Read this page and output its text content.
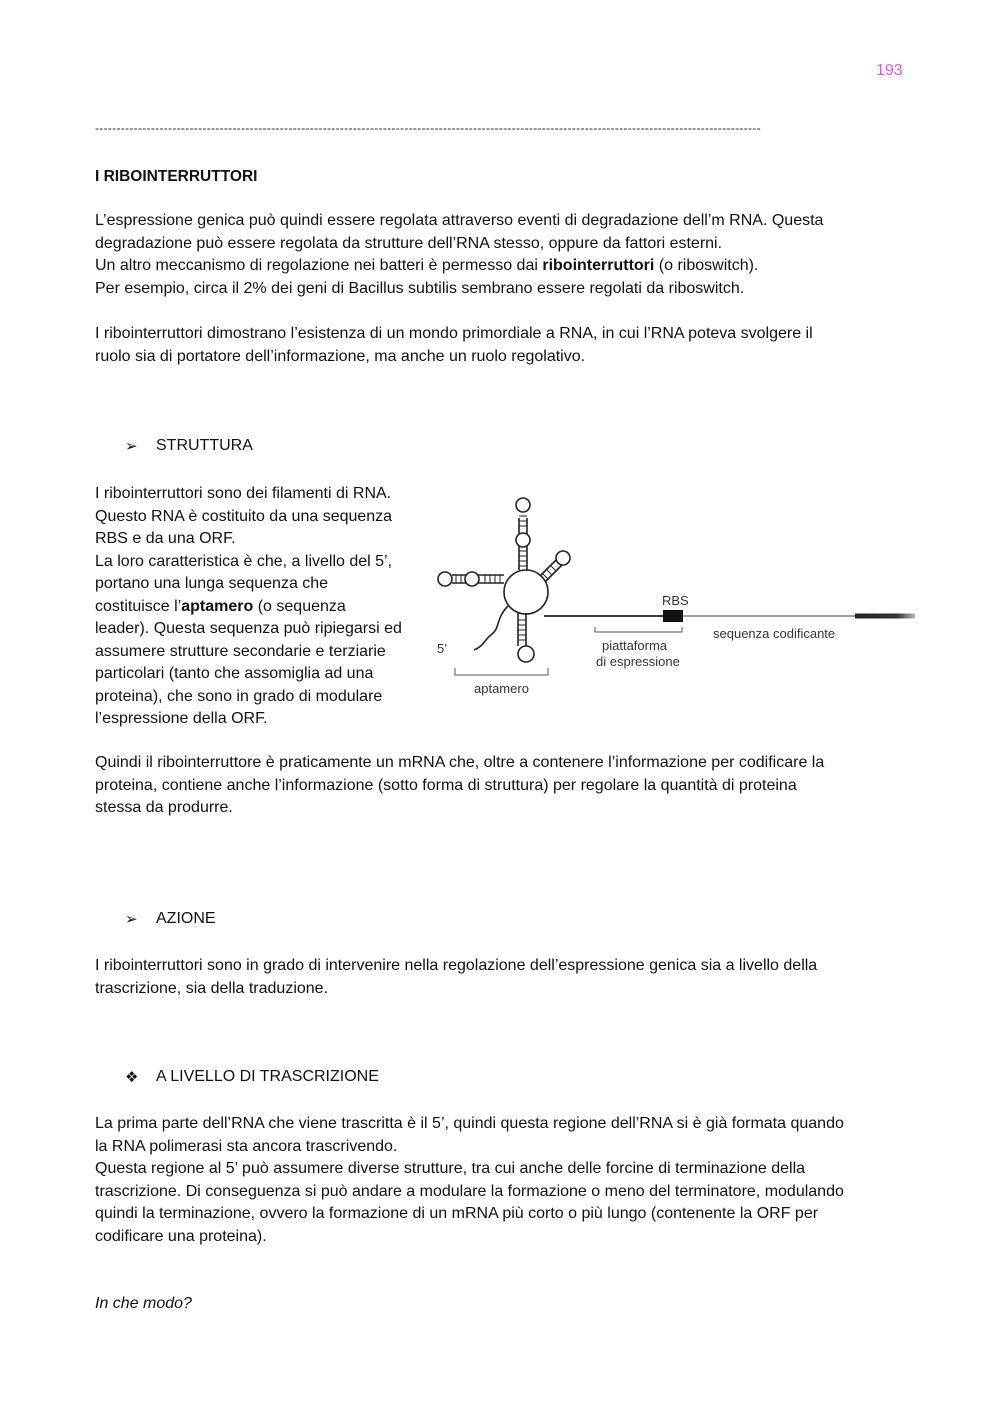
193
-----------------------------------------------------------------------------------------------------------------------------------------------------------
I RIBOINTERRUTTORI

L’espressione genica può quindi essere regolata attraverso eventi di degradazione dell’m RNA. Questa

degradazione può essere regolata da strutture dell’RNA stesso, oppure da fattori esterni.

Un altro meccanismo di regolazione nei batteri è permesso dai ribointerruttori (o riboswitch).

Per esempio, circa il 2% dei geni di Bacillus subtilis sembrano essere regolati da riboswitch.

I ribointerruttori dimostrano l’esistenza di un mondo primordiale a RNA, in cui l’RNA poteva svolgere il

ruolo sia di portatore dell’informazione, ma anche un ruolo regolativo.

➢	STRUTTURA
I ribointerruttori sono dei filamenti di RNA.
Questo RNA è costituito da una sequenza
RBS e da una ORF.
La loro caratteristica è che, a livello del 5’,
portano una lunga sequenza che
costituisce l’aptamero (o sequenza
leader). Questa sequenza può ripiegarsi ed
assumere strutture secondarie e terziarie
particolari (tanto che assomiglia ad una
proteina), che sono in grado di modulare
l’espressione della ORF.
RBS
5’
aptamero
piattaforma
di espressione
sequenza codificante

Quindi il ribointerruttore è praticamente un mRNA che, oltre a contenere l’informazione per codificare la

proteina, contiene anche l’informazione (sotto forma di struttura) per regolare la quantità di proteina

stessa da produrre.

➢	AZIONE

I ribointerruttori sono in grado di intervenire nella regolazione dell’espressione genica sia a livello della

trascrizione, sia della traduzione.

❖	A LIVELLO DI TRASCRIZIONE

La prima parte dell’RNA che viene trascritta è il 5’, quindi questa regione dell’RNA si è già formata quando

la RNA polimerasi sta ancora trascrivendo.

Questa regione al 5’ può assumere diverse strutture, tra cui anche delle forcine di terminazione della

trascrizione. Di conseguenza si può andare a modulare la formazione o meno del terminatore, modulando

quindi la terminazione, ovvero la formazione di un mRNA più corto o più lungo (contenente la ORF per

codificare una proteina).

In che modo?
